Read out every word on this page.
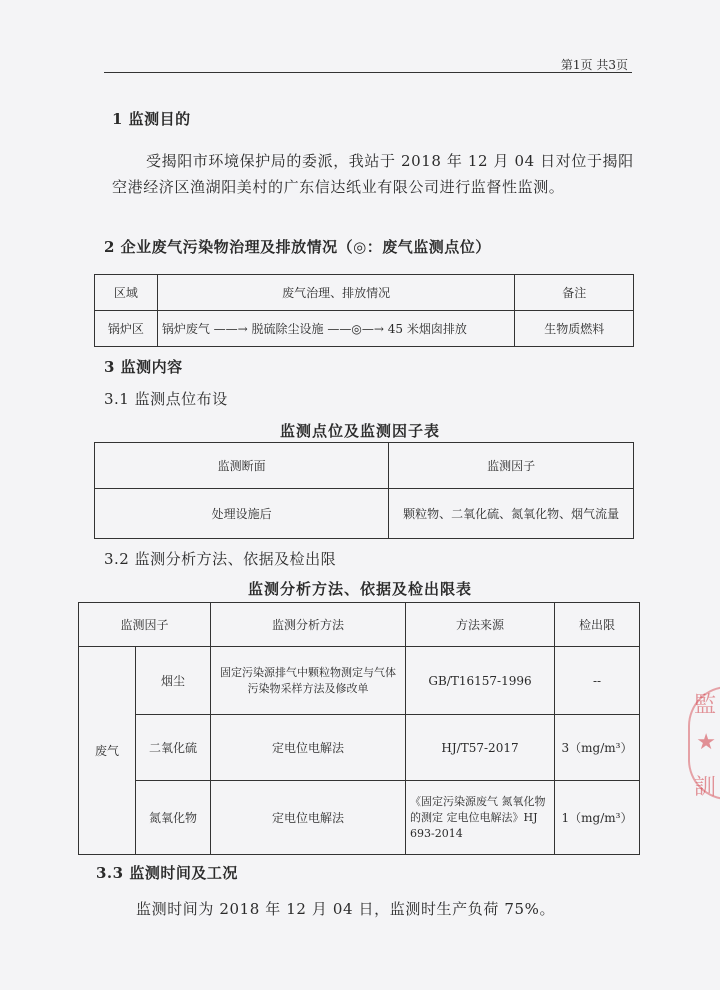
第1页 共3页
1 监测目的
受揭阳市环境保护局的委派，我站于 2018 年 12 月 04 日对位于揭阳
空港经济区渔湖阳美村的广东信达纸业有限公司进行监督性监测。
2 企业废气污染物治理及排放情况（◎：废气监测点位）
区域	废气治理、排放情况	备注
锅炉区	锅炉废气 ——→ 脱硫除尘设施 ——◎—→ 45 米烟囱排放	生物质燃料
3 监测内容
3.1 监测点位布设
监测点位及监测因子表
监测断面	监测因子
处理设施后	颗粒物、二氧化硫、氮氧化物、烟气流量
3.2 监测分析方法、依据及检出限
监测分析方法、依据及检出限表
监测因子		监测分析方法	方法来源	检出限
废气	烟尘	固定污染源排气中颗粒物测定与气体污染物采样方法及修改单	GB/T16157-1996	--
	二氧化硫	定电位电解法	HJ/T57-2017	3（mg/m³）
	氮氧化物	定电位电解法	《固定污染源废气 氮氧化物的测定 定电位电解法》HJ 693-2014	1（mg/m³）
3.3 监测时间及工况
监测时间为 2018 年 12 月 04 日，监测时生产负荷 75%。
監
★
訓
